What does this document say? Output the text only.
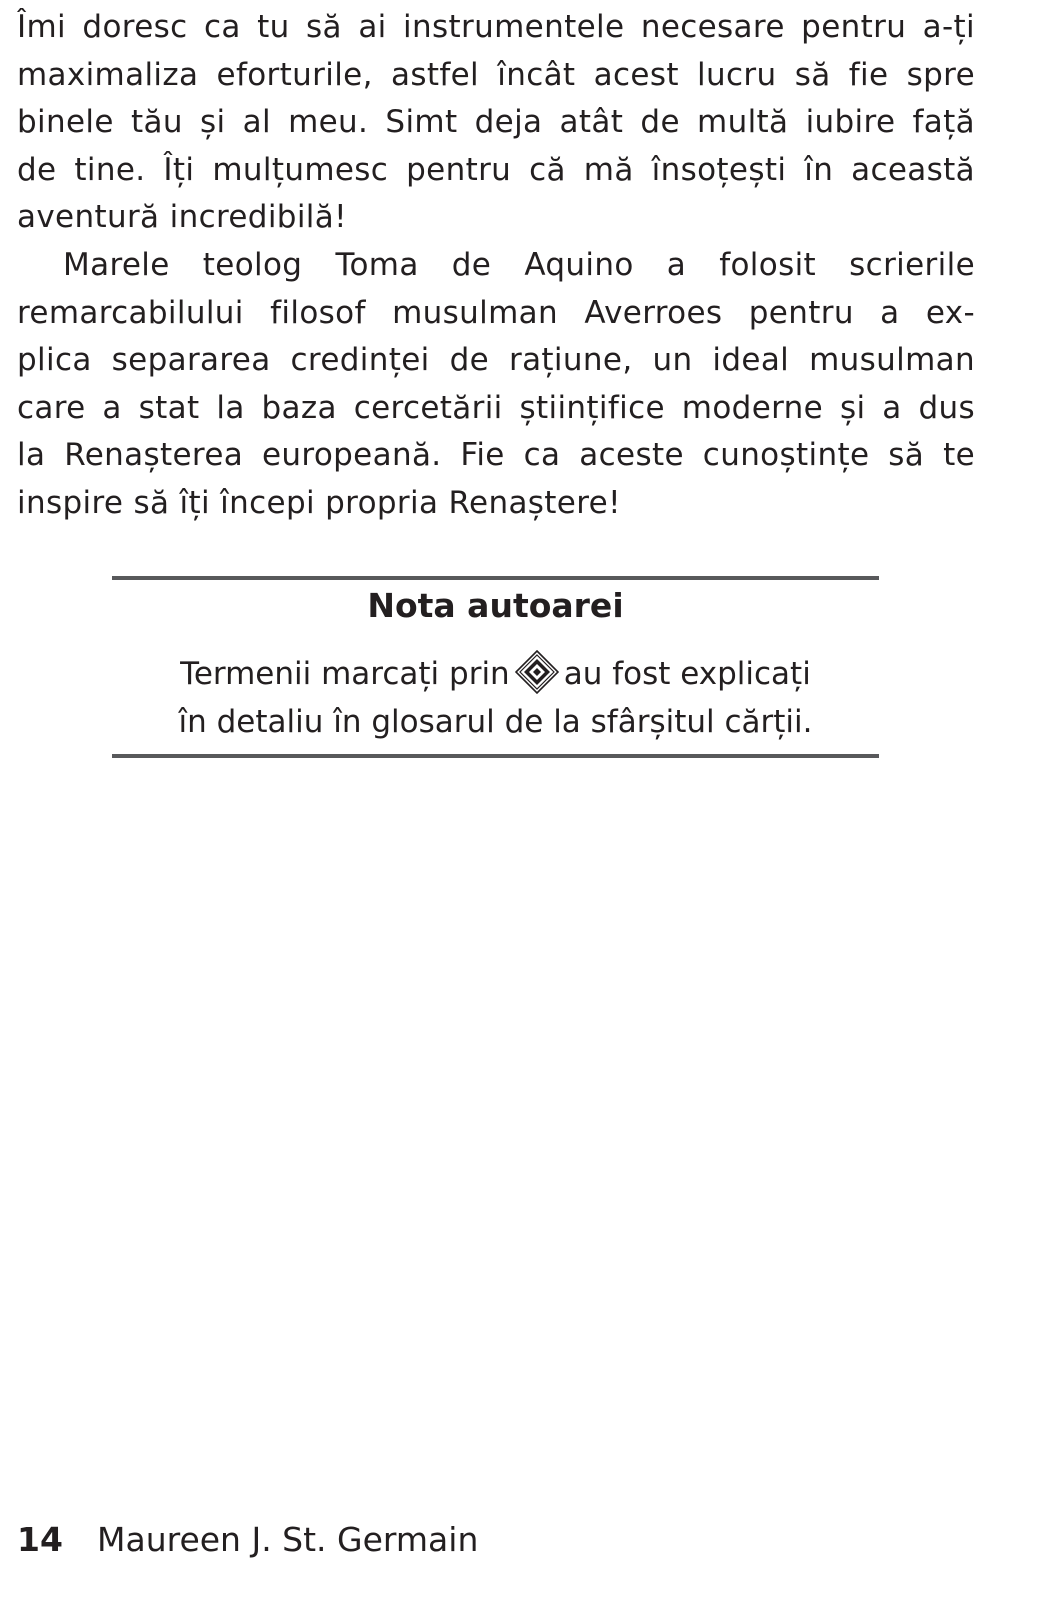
Îmi doresc ca tu să ai instrumentele necesare pentru a-ți
maximaliza eforturile, astfel încât acest lucru să fie spre
binele tău și al meu. Simt deja atât de multă iubire față
de tine. Îți mulțumesc pentru că mă însoțești în această
aventură incredibilă!
Marele teolog Toma de Aquino a folosit scrierile
remarcabilului filosof musulman Averroes pentru a ex-
plica separarea credinței de rațiune, un ideal musulman
care a stat la baza cercetării științifice moderne și a dus
la Renașterea europeană. Fie ca aceste cunoștințe să te
inspire să îți începi propria Renaștere!
Nota autoarei
Termenii marcați prin au fost explicați
în detaliu în glosarul de la sfârșitul cărții.
14 Maureen J. St. Germain
